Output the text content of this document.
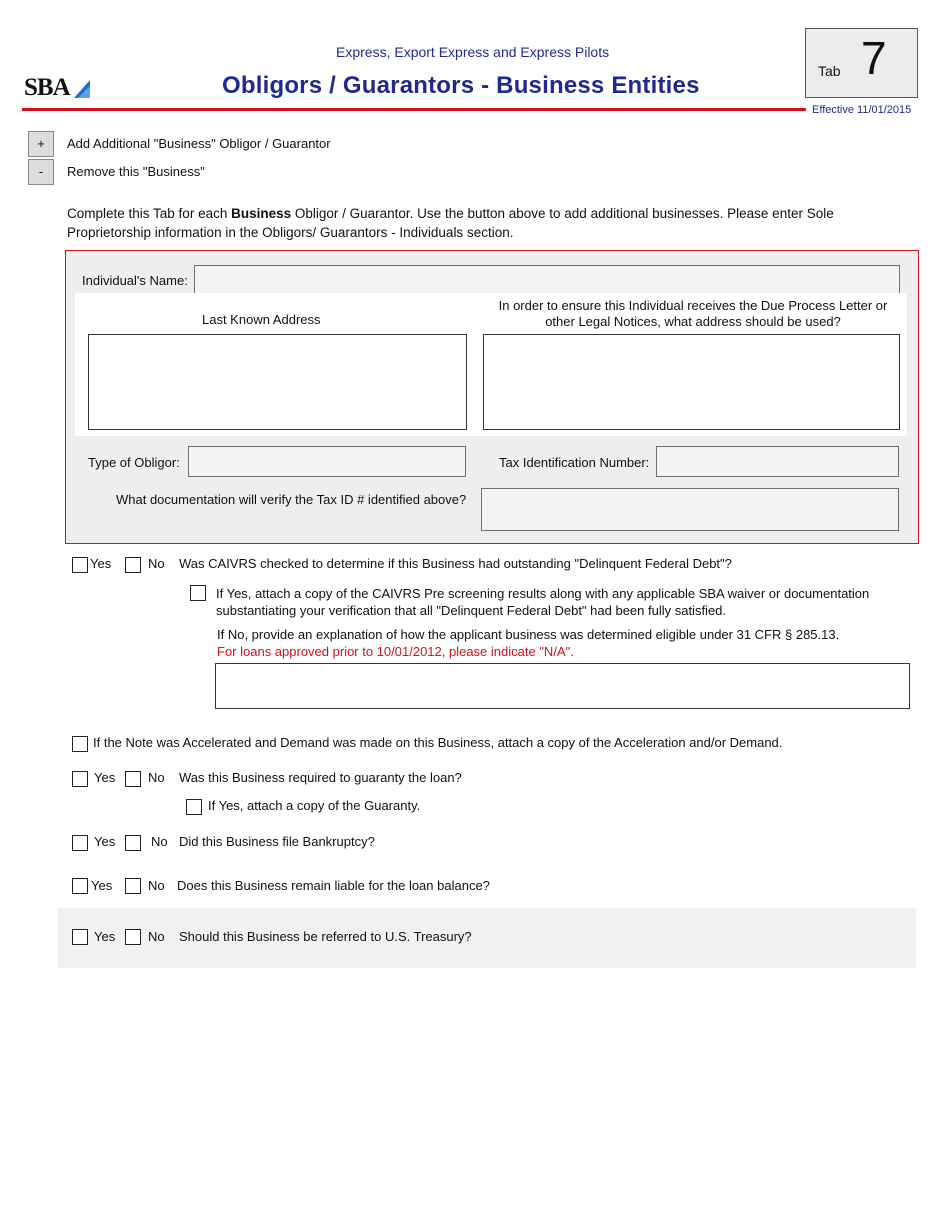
Express, Export Express and Express Pilots
SBA	Obligors / Guarantors - Business Entities
Tab 7
Effective 11/01/2015
+	Add Additional "Business" Obligor / Guarantor
-	Remove this "Business"
Complete this Tab for each Business Obligor / Guarantor. Use the button above to add additional businesses. Please enter Sole Proprietorship information in the Obligors/ Guarantors - Individuals section.
Individual's Name:
Last Known Address
In order to ensure this Individual receives the Due Process Letter or
other Legal Notices, what address should be used?
Type of Obligor:	Tax Identification Number:
What documentation will verify the Tax ID # identified above?
Yes	No Was CAIVRS checked to determine if this Business had outstanding "Delinquent Federal Debt"?
If Yes, attach a copy of the CAIVRS Pre screening results along with any applicable SBA waiver or documentation
substantiating your verification that all "Delinquent Federal Debt" had been fully satisfied.
If No, provide an explanation of how the applicant business was determined eligible under 31 CFR § 285.13.
For loans approved prior to 10/01/2012, please indicate "N/A".
If the Note was Accelerated and Demand was made on this Business, attach a copy of the Acceleration and/or Demand.
Yes	No Was this Business required to guaranty the loan?
If Yes, attach a copy of the Guaranty.
Yes	No Did this Business file Bankruptcy?
Yes	No Does this Business remain liable for the loan balance?
Yes	No Should this Business be referred to U.S. Treasury?
